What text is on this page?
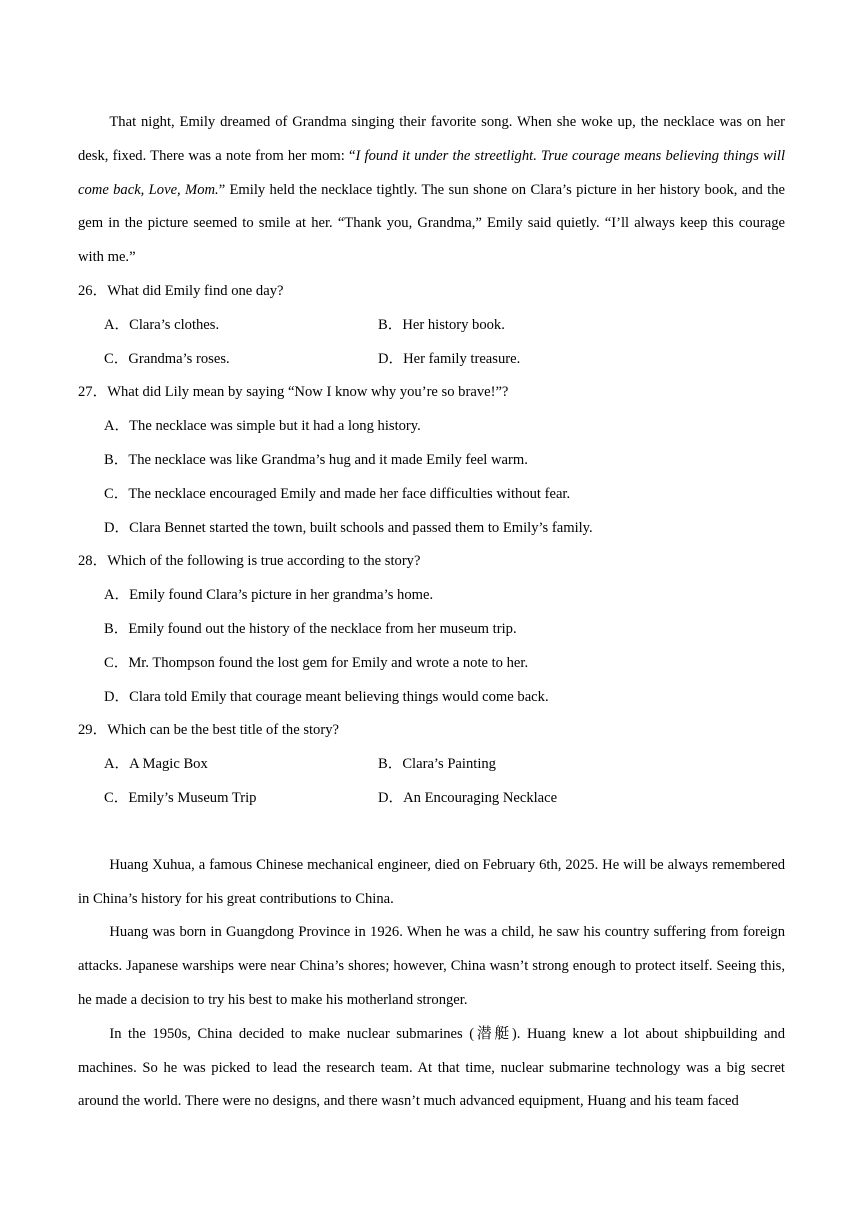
That night, Emily dreamed of Grandma singing their favorite song. When she woke up, the necklace was on her desk, fixed. There was a note from her mom: “I found it under the streetlight. True courage means believing things will come back, Love, Mom.” Emily held the necklace tightly. The sun shone on Clara’s picture in her history book, and the gem in the picture seemed to smile at her. “Thank you, Grandma,” Emily said quietly. “I’ll always keep this courage with me.”

26．What did Emily find one day?

A．Clara’s clothes.	B．Her history book.
C．Grandma’s roses.	D．Her family treasure.

27．What did Lily mean by saying “Now I know why you’re so brave!”?

A．The necklace was simple but it had a long history.

B．The necklace was like Grandma’s hug and it made Emily feel warm.

C．The necklace encouraged Emily and made her face difficulties without fear.

D．Clara Bennet started the town, built schools and passed them to Emily’s family.

28．Which of the following is true according to the story?

A．Emily found Clara’s picture in her grandma’s home.

B．Emily found out the history of the necklace from her museum trip.

C．Mr. Thompson found the lost gem for Emily and wrote a note to her.

D．Clara told Emily that courage meant believing things would come back.

29．Which can be the best title of the story?

A．A Magic Box	B．Clara’s Painting
C．Emily’s Museum Trip	D．An Encouraging Necklace

Huang Xuhua, a famous Chinese mechanical engineer, died on February 6th, 2025. He will be always remembered in China’s history for his great contributions to China.

Huang was born in Guangdong Province in 1926. When he was a child, he saw his country suffering from foreign attacks. Japanese warships were near China’s shores; however, China wasn’t strong enough to protect itself. Seeing this, he made a decision to try his best to make his motherland stronger.

In the 1950s, China decided to make nuclear submarines (潜艇). Huang knew a lot about shipbuilding and machines. So he was picked to lead the research team. At that time, nuclear submarine technology was a big secret around the world. There were no designs, and there wasn’t much advanced equipment, Huang and his team faced
